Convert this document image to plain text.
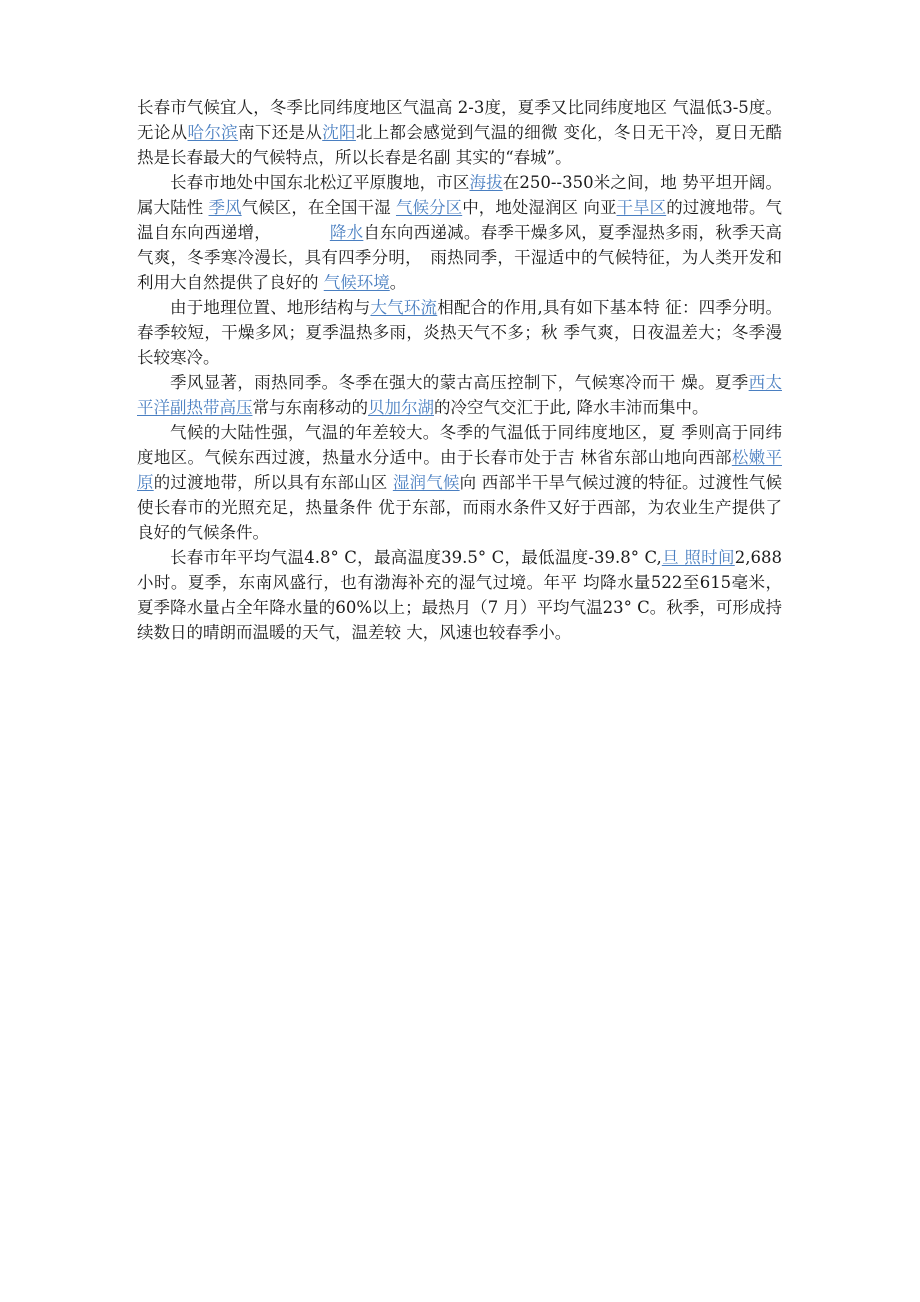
长春市气候宜人，冬季比同纬度地区气温高 2-3度，夏季又比同纬度地区 气温低3-5度。无论从哈尔滨南下还是从沈阳北上都会感觉到气温的细微 变化，冬日无干冷，夏日无酷热是长春最大的气候特点，所以长春是名副 其实的“春城”。

长春市地处中国东北松辽平原腹地，市区海拔在250--350米之间，地 势平坦开阔。属大陆性 季风气候区，在全国干湿 气候分区中，地处湿润区 向亚干旱区的过渡地带。气温自东向西递增，　　　　降水自东向西递减。春季干燥多风，夏季湿热多雨，秋季天高气爽，冬季寒冷漫长，具有四季分明，　雨热同季，干湿适中的气候特征，为人类开发和利用大自然提供了良好的 气候环境。

由于地理位置、地形结构与大气环流相配合的作用,具有如下基本特 征：四季分明。春季较短，干燥多风；夏季温热多雨，炎热天气不多；秋 季气爽，日夜温差大；冬季漫长较寒冷。

季风显著，雨热同季。冬季在强大的蒙古高压控制下，气候寒冷而干 燥。夏季西太平洋副热带高压常与东南移动的贝加尔湖的冷空气交汇于此, 降水丰沛而集中。

气候的大陆性强，气温的年差较大。冬季的气温低于同纬度地区，夏 季则高于同纬度地区。气候东西过渡，热量水分适中。由于长春市处于吉 林省东部山地向西部松嫩平原的过渡地带，所以具有东部山区 湿润气候向 西部半干旱气候过渡的特征。过渡性气候使长春市的光照充足，热量条件 优于东部，而雨水条件又好于西部，为农业生产提供了良好的气候条件。

长春市年平均气温4.8° C，最高温度39.5° C，最低温度-39.8° C,旦 照时间2,688小时。夏季，东南风盛行，也有渤海补充的湿气过境。年平 均降水量522至615毫米，夏季降水量占全年降水量的60%以上；最热月（7 月）平均气温23° C。秋季，可形成持续数日的晴朗而温暖的天气，温差较 大，风速也较春季小。
